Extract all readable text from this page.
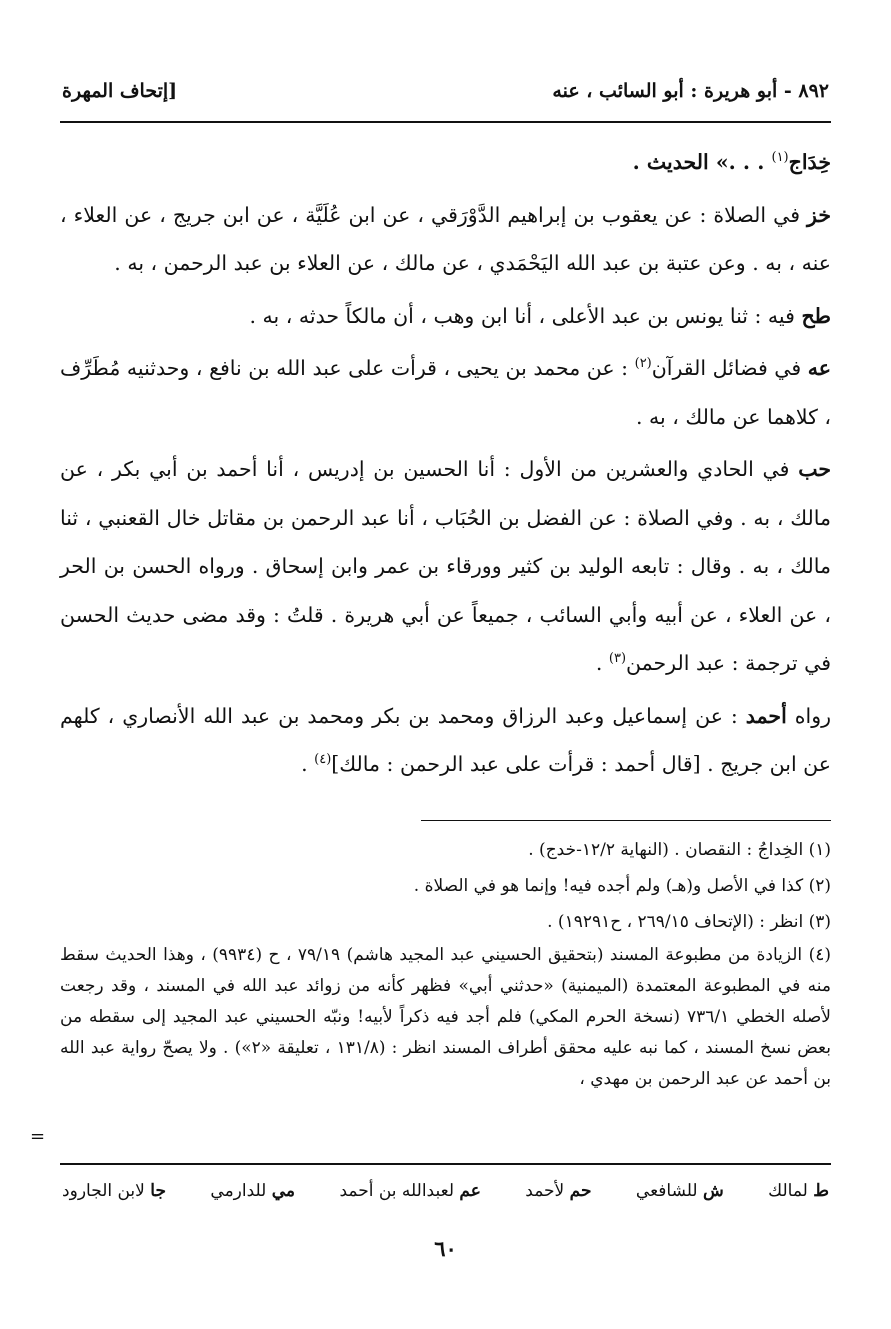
٨٩٢ - أبو هريرة : أبو السائب ، عنه
[إتحاف المهرة

خِدَاج$^{(١)}$ . . .» الحديث .

خز في الصلاة : عن يعقوب بن إبراهيم الدَّوْرَقي ، عن ابن عُلَيَّة ، عن ابن جريج ، عن العلاء ، عنه ، به . وعن عتبة بن عبد الله اليَحْمَدي ، عن مالك ، عن العلاء بن عبد الرحمن ، به .

طح فيه : ثنا يونس بن عبد الأعلى ، أنا ابن وهب ، أن مالكاً حدثه ، به .

عه في فضائل القرآن$^{(٢)}$ : عن محمد بن يحيى ، قرأت على عبد الله بن نافع ، وحدثنيه مُطَرِّف ، كلاهما عن مالك ، به .

حب في الحادي والعشرين من الأول : أنا الحسين بن إدريس ، أنا أحمد بن أبي بكر ، عن مالك ، به . وفي الصلاة : عن الفضل بن الحُبَاب ، أنا عبد الرحمن بن مقاتل خال القعنبي ، ثنا مالك ، به . وقال : تابعه الوليد بن كثير وورقاء بن عمر وابن إسحاق . ورواه الحسن بن الحر ، عن العلاء ، عن أبيه وأبي السائب ، جميعاً عن أبي هريرة . قلتُ : وقد مضى حديث الحسن في ترجمة : عبد الرحمن$^{(٣)}$ .

رواه أحمد : عن إسماعيل وعبد الرزاق ومحمد بن بكر ومحمد بن عبد الله الأنصاري ، كلهم عن ابن جريج . [قال أحمد : قرأت على عبد الرحمن : مالك]$^{(٤)}$ .

(١) الخِداجُ : النقصان . (النهاية ١٢/٢-خدج) .

(٢) كذا في الأصل و(هـ) ولم أجده فيه! وإنما هو في الصلاة .

(٣) انظر : (الإتحاف ٢٦٩/١٥ ، ح١٩٢٩١) .

(٤) الزيادة من مطبوعة المسند (بتحقيق الحسيني عبد المجيد هاشم) ٧٩/١٩ ، ح (٩٩٣٤) ، وهذا الحديث سقط منه في المطبوعة المعتمدة (الميمنية) «حدثني أبي» فظهر كأنه من زوائد عبد الله في المسند ، وقد رجعت لأصله الخطي ٧٣٦/١ (نسخة الحرم المكي) فلم أجد فيه ذكراً لأبيه! ونبّه الحسيني عبد المجيد إلى سقطه من بعض نسخ المسند ، كما نبه عليه محقق أطراف المسند انظر : (١٣١/٨ ، تعليقة «٢») . ولا يصحّ رواية عبد الله بن أحمد عن عبد الرحمن بن مهدي ،

=
ط لمالك
ش للشافعي
حم لأحمد
عم لعبدالله بن أحمد
مي للدارمي
جا لابن الجارود
٦٠
